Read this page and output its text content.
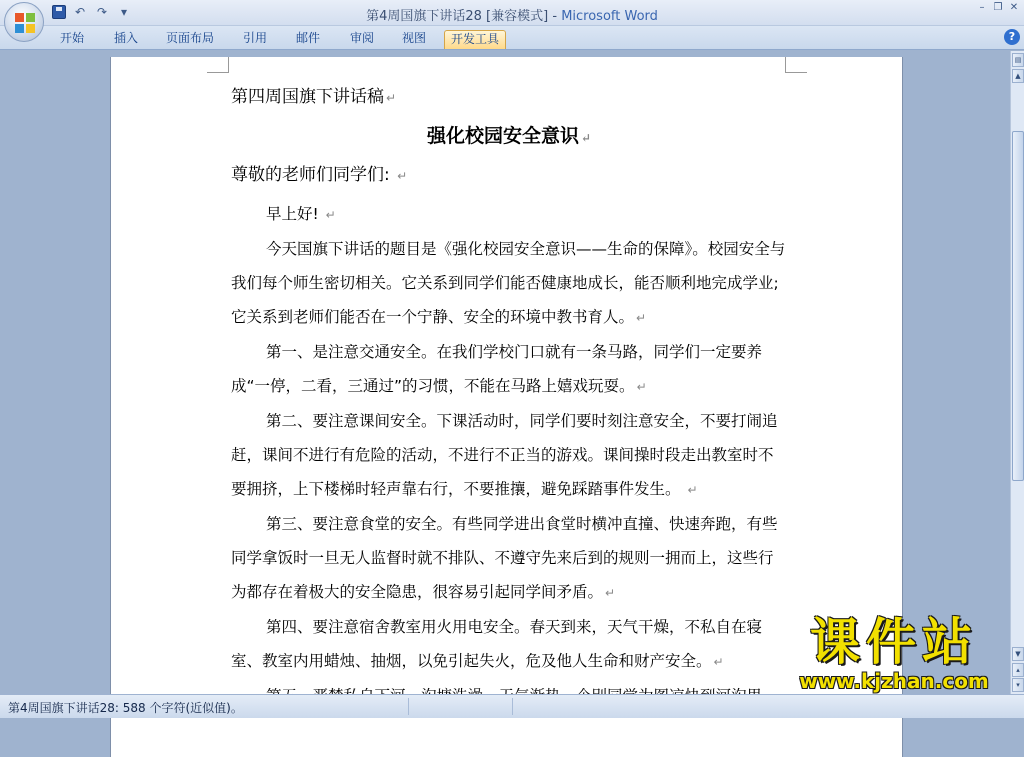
↶ ↷	▾	第4周国旗下讲话28 [兼容模式] - Microsoft Word
– ❐ ✕
开始	插入	页面布局	引用	邮件	审阅	视图	开发工具	?
第四周国旗下讲话稿 ↵
强化校园安全意识 ↵
尊敬的老师们同学们: ↵

早上好! ↵

今天国旗下讲话的题目是《强化校园安全意识——生命的保障》。校园安全与我们每个师生密切相关。它关系到同学们能否健康地成长，能否顺利地完成学业;它关系到老师们能否在一个宁静、安全的环境中教书育人。 ↵

第一、是注意交通安全。在我们学校门口就有一条马路，同学们一定要养成“一停，二看，三通过”的习惯，不能在马路上嬉戏玩耍。 ↵

第二、要注意课间安全。下课活动时，同学们要时刻注意安全，不要打闹追赶，课间不进行有危险的活动，不进行不正当的游戏。课间操时段走出教室时不要拥挤，上下楼梯时轻声靠右行，不要推攘，避免踩踏事件发生。 ↵

第三、要注意食堂的安全。有些同学进出食堂时横冲直撞、快速奔跑，有些同学拿饭时一旦无人监督时就不排队、不遵守先来后到的规则一拥而上，这些行为都存在着极大的安全隐患，很容易引起同学间矛盾。 ↵

第四、要注意宿舍教室用火用电安全。春天到来，天气干燥，不私自在寝室、教室内用蜡烛、抽烟，以免引起失火，危及他人生命和财产安全。 ↵

▤
▲
▼
▴
▾
第4周国旗下讲话28: 588 个字符(近似值)。
课件站
www.kjzhan.com
